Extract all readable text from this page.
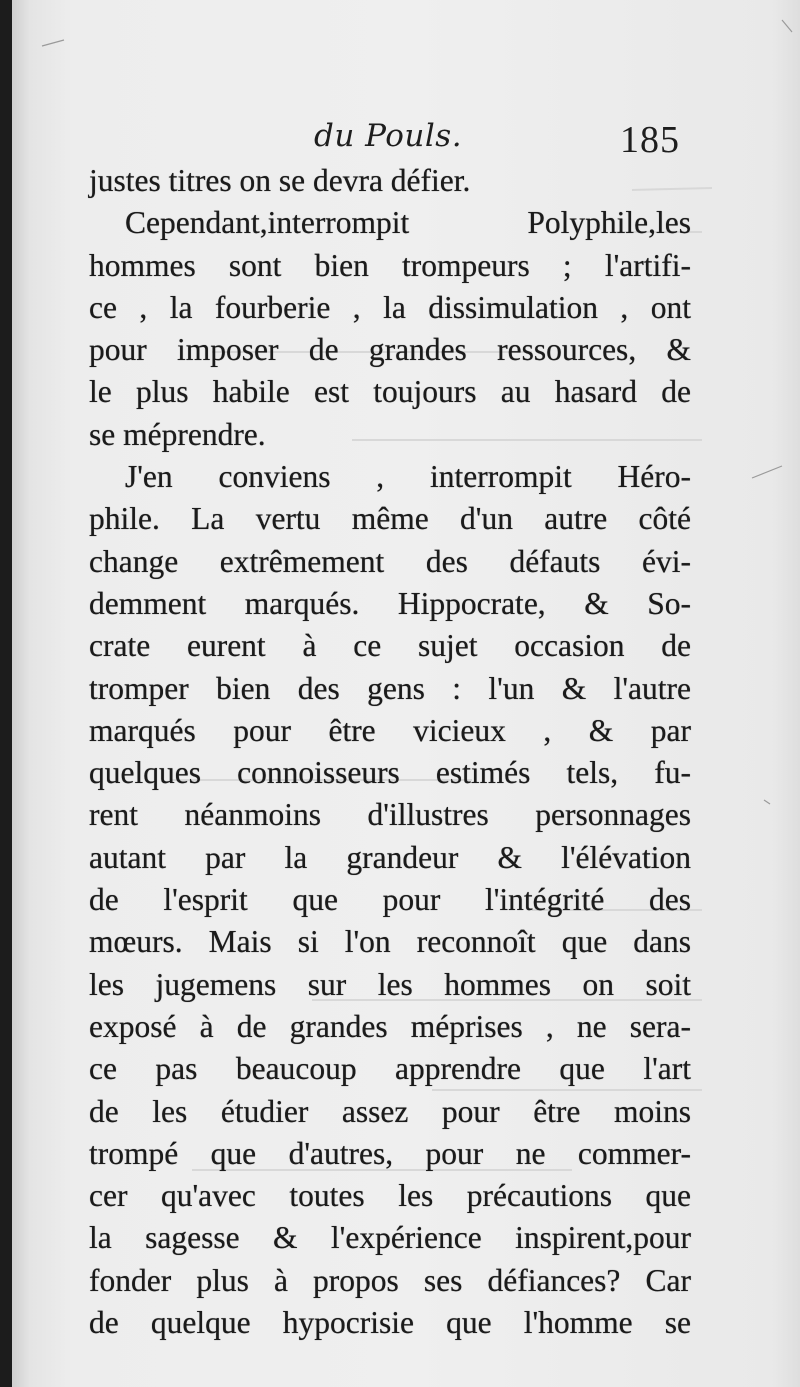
du Pouls.	185
justes titres on se devra défier.
Cependant,interrompit Polyphile,les
hommes sont bien trompeurs ; l'artifi-
ce , la fourberie , la dissimulation , ont
pour imposer de grandes ressources, &
le plus habile est toujours au hasard de
se méprendre.
J'en conviens , interrompit Héro-
phile. La vertu même d'un autre côté
change extrêmement des défauts évi-
demment marqués. Hippocrate, & So-
crate eurent à ce sujet occasion de
tromper bien des gens : l'un & l'autre
marqués pour être vicieux , & par
quelques connoisseurs estimés tels, fu-
rent néanmoins d'illustres personnages
autant par la grandeur & l'élévation
de l'esprit que pour l'intégrité des
mœurs. Mais si l'on reconnoît que dans
les jugemens sur les hommes on soit
exposé à de grandes méprises , ne sera-
ce pas beaucoup apprendre que l'art
de les étudier assez pour être moins
trompé que d'autres, pour ne commer-
cer qu'avec toutes les précautions que
la sagesse & l'expérience inspirent,pour
fonder plus à propos ses défiances? Car
de quelque hypocrisie que l'homme se
